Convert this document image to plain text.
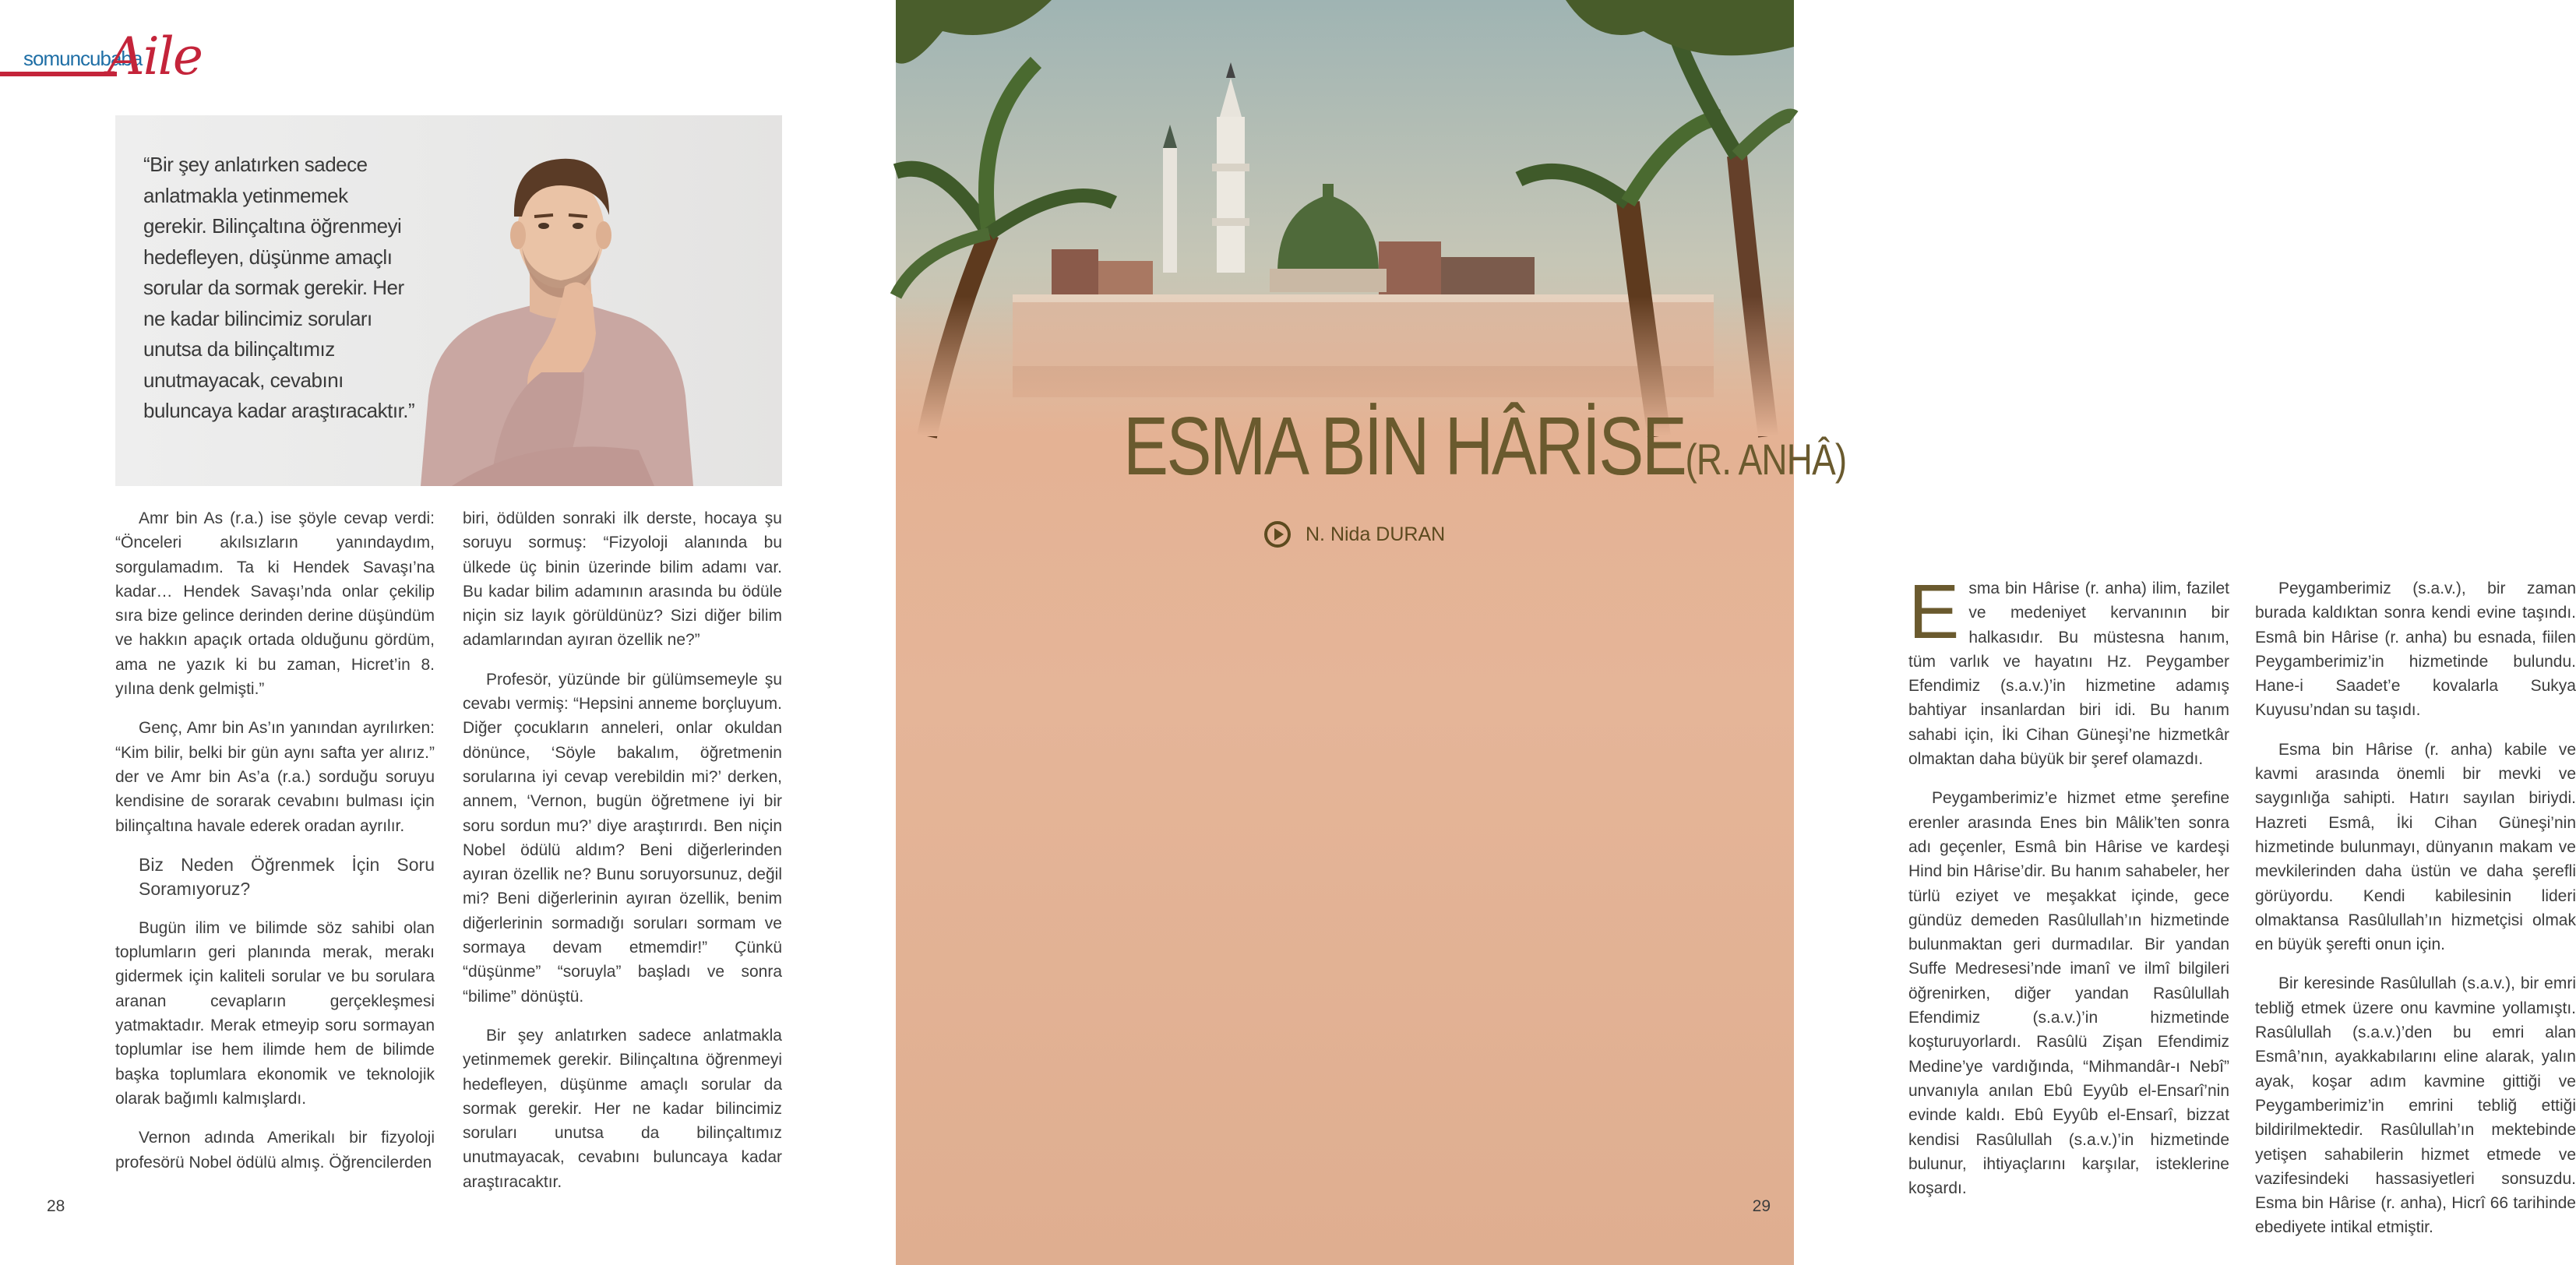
somuncubaba
Aile
“Bir şey anlatırken sadece anlatmakla yetinmemek gerekir. Bilinçaltına öğrenmeyi hedefleyen, düşünme amaçlı sorular da sormak gerekir. Her ne kadar bilincimiz soruları unutsa da bilinçaltımız unutmayacak, cevabını buluncaya kadar araştıracaktır.”

Amr bin As (r.a.) ise şöyle cevap verdi: “Önceleri akılsızların yanındaydım, sorgulamadım. Ta ki Hendek Savaşı’na kadar… Hendek Savaşı’nda onlar çekilip sıra bize gelince derinden derine düşündüm ve hakkın apaçık ortada olduğunu gördüm, ama ne yazık ki bu zaman, Hicret’in 8. yılına denk gelmişti.”

Genç, Amr bin As’ın yanından ayrılırken: “Kim bilir, belki bir gün aynı safta yer alırız.” der ve Amr bin As’a (r.a.) sorduğu soruyu kendisine de sorarak cevabını bulması için bilinçaltına havale ederek oradan ayrılır.

Biz Neden Öğrenmek İçin Soru Soramıyoruz?

Bugün ilim ve bilimde söz sahibi olan toplumların geri planında merak, merakı gidermek için kaliteli sorular ve bu sorulara aranan cevapların gerçekleşmesi yatmaktadır. Merak etmeyip soru sormayan toplumlar ise hem ilimde hem de bilimde başka toplumlara ekonomik ve teknolojik olarak bağımlı kalmışlardı.

Vernon adında Amerikalı bir fizyoloji profesörü Nobel ödülü almış. Öğrencilerden

biri, ödülden sonraki ilk derste, hocaya şu soruyu sormuş: “Fizyoloji alanında bu ülkede üç binin üzerinde bilim adamı var. Bu kadar bilim adamının arasında bu ödüle niçin siz layık görüldünüz? Sizi diğer bilim adamlarından ayıran özellik ne?”

Profesör, yüzünde bir gülümsemeyle şu cevabı vermiş: “Hepsini anneme borçluyum. Diğer çocukların anneleri, onlar okuldan dönünce, ‘Söyle bakalım, öğretmenin sorularına iyi cevap verebildin mi?’ derken, annem, ‘Vernon, bugün öğretmene iyi bir soru sordun mu?’ diye araştırırdı. Ben niçin Nobel ödülü aldım? Beni diğerlerinden ayıran özellik ne? Bunu soruyorsunuz, değil mi? Beni diğerlerinin ayıran özellik, benim diğerlerinin sormadığı soruları sormam ve sormaya devam etmemdir!” Çünkü “düşünme” “soruyla” başladı ve sonra “bilime” dönüştü.

Bir şey anlatırken sadece anlatmakla yetinmemek gerekir. Bilinçaltına öğrenmeyi hedefleyen, düşünme amaçlı sorular da sormak gerekir. Her ne kadar bilincimiz soruları unutsa da bilinçaltımız unutmayacak, cevabını buluncaya kadar araştıracaktır.

28
ESMA BİN HÂRİSE(R. ANHÂ)
N. Nida DURAN
E sma bin Hârise (r. anha) ilim, fazilet ve medeniyet kervanının bir halkasıdır. Bu müstesna hanım, tüm varlık ve hayatını Hz. Peygamber Efendimiz (s.a.v.)’in hizmetine adamış bahtiyar insanlardan biri idi. Bu hanım sahabi için, İki Cihan Güneşi’ne hizmetkâr olmaktan daha büyük bir şeref olamazdı.

Peygamberimiz’e hizmet etme şerefine erenler arasında Enes bin Mâlik’ten sonra adı geçenler, Esmâ bin Hârise ve kardeşi Hind bin Hârise’dir. Bu hanım sahabeler, her türlü eziyet ve meşakkat içinde, gece gündüz demeden Rasûlullah’ın hizmetinde bulunmaktan geri durmadılar. Bir yandan Suffe Medresesi’nde imanî ve ilmî bilgileri öğrenirken, diğer yandan Rasûlullah Efendimiz (s.a.v.)’in hizmetinde koşturuyorlardı. Rasûlü Zişan Efendimiz Medine’ye vardığında, “Mihmandâr-ı Nebî” unvanıyla anılan Ebû Eyyûb el-Ensarî’nin evinde kaldı. Ebû Eyyûb el-Ensarî, bizzat kendisi Rasûlullah (s.a.v.)’in hizmetinde bulunur, ihtiyaçlarını karşılar, isteklerine koşardı.

Peygamberimiz (s.a.v.), bir zaman burada kaldıktan sonra kendi evine taşındı. Esmâ bin Hârise (r. anha) bu esnada, fiilen Peygamberimiz’in hizmetinde bulundu. Hane-i Saadet’e kovalarla Sukya Kuyusu’ndan su taşıdı.

Esma bin Hârise (r. anha) kabile ve kavmi arasında önemli bir mevki ve saygınlığa sahipti. Hatırı sayılan biriydi. Hazreti Esmâ, İki Cihan Güneşi’nin hizmetinde bulunmayı, dünyanın makam ve mevkilerinden daha üstün ve daha şerefli görüyordu. Kendi kabilesinin lideri olmaktansa Rasûlullah’ın hizmetçisi olmak en büyük şerefti onun için.

Bir keresinde Rasûlullah (s.a.v.), bir emri tebliğ etmek üzere onu kavmine yollamıştı. Rasûlullah (s.a.v.)’den bu emri alan Esmâ’nın, ayakkabılarını eline alarak, yalın ayak, koşar adım kavmine gittiği ve Peygamberimiz’in emrini tebliğ ettiği bildirilmektedir. Rasûlullah’ın mektebinde yetişen sahabilerin hizmet etmede ve vazifesindeki hassasiyetleri sonsuzdu. Esma bin Hârise (r. anha), Hicrî 66 tarihinde ebediyete intikal etmiştir.

29
